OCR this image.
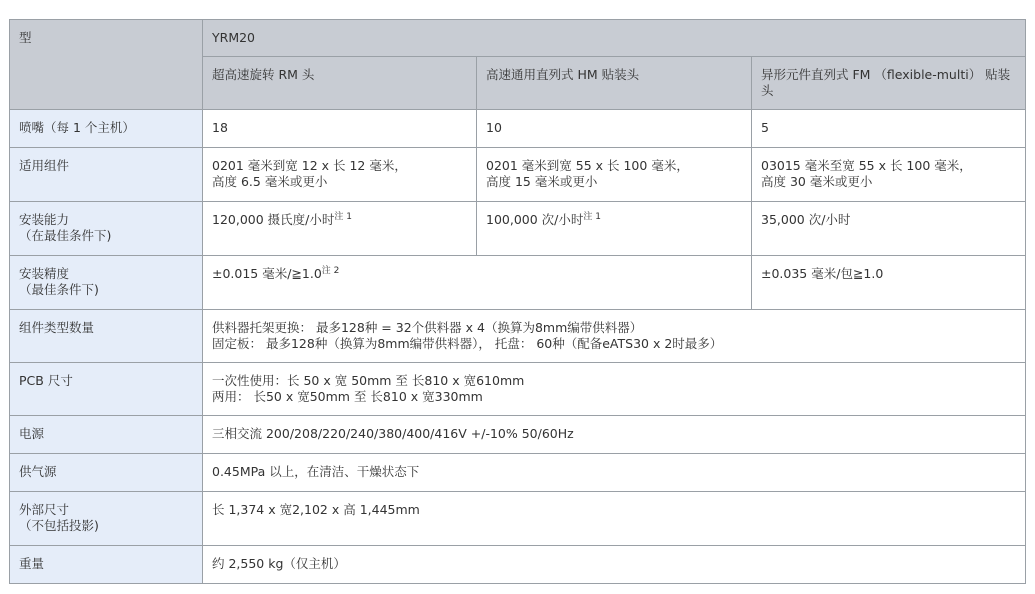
型	YRM20		

	超高速旋转 RM 头	高速通用直列式 HM 贴装头	异形元件直列式 FM （flexible-multi） 贴装头

喷嘴（每 1 个主机）	18	10	5

适用组件	0201 毫米到宽 12 x 长 12 毫米，
高度 6.5 毫米或更小	0201 毫米到宽 55 x 长 100 毫米，
高度 15 毫米或更小	03015 毫米至宽 55 x 长 100 毫米，
高度 30 毫米或更小

安装能力
（在最佳条件下)	120,000 摄氏度/小时$^{注 1}$	100,000 次/小时$^{注 1}$	35,000 次/小时

安装精度
（最佳条件下)	±0.015 毫米$/≧1.0^{注 2}$		±0.035 毫米/包≧1.0

组件类型数量	供料器托架更换： 最多128种 = 32个供料器 x 4（换算为8mm编带供料器）
固定板： 最多128种（换算为8mm编带供料器）， 托盘： 60种（配备eATS30 x 2时最多）		

PCB 尺寸	一次性使用：长 50 x 宽 50mm 至 长810 x 宽610mm
两用： 长50 x 宽50mm 至 长810 x 宽330mm		

电源	三相交流 200/208/220/240/380/400/416V +/-10% 50/60Hz		

供气源	0.45MPa 以上，在清洁、干燥状态下		

外部尺寸
（不包括投影)	长 1,374 x 宽2,102 x 高 1,445mm		

重量	约 2,550 kg（仅主机）		
